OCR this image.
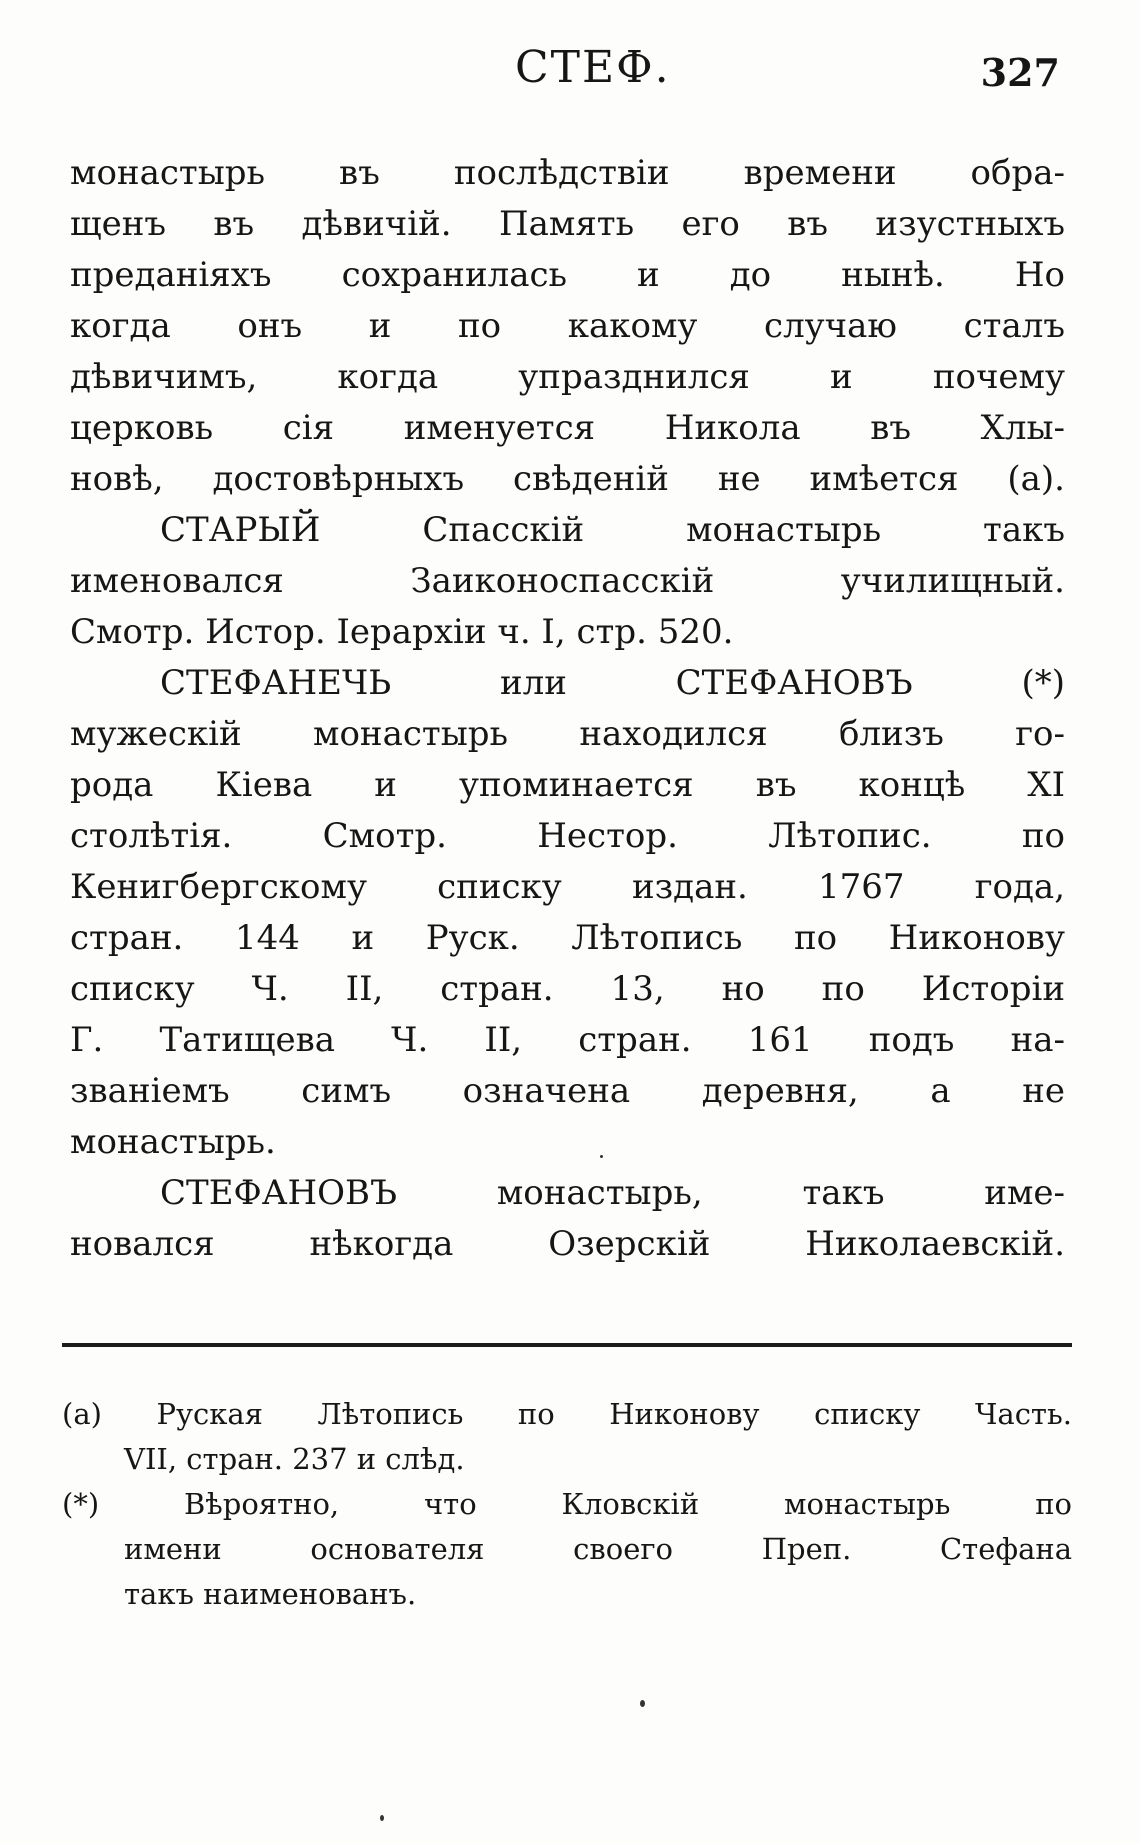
СТЕФ.	327
монастырь въ послѣдствіи времени обра-
щенъ въ дѣвичій. Память его въ изустныхъ
преданіяхъ сохранилась и до нынѣ. Но
когда онъ и по какому случаю сталъ
дѣвичимъ, когда упразднился и почему
церковь сія именуется Никола въ Хлы-
новѣ, достовѣрныхъ свѣденій не имѣется (а).
СТАРЫЙ Спасскій монастырь такъ
именовался Заиконоспасскій училищный.
Смотр. Истор. Іерархіи ч. I, стр. 520.
СТЕФАНЕЧЬ или СТЕФАНОВЪ (*)
мужескій монастырь находился близъ го-
рода Кіева и упоминается въ концѣ XI
столѣтія. Смотр. Нестор. Лѣтопис. по
Кенигбергскому списку издан. 1767 года,
стран. 144 и Руск. Лѣтопись по Никонову
списку Ч. II, стран. 13, но по Исторіи
Г. Татищева Ч. II, стран. 161 подъ на-
званіемъ симъ означена деревня, а не
монастырь.
СТЕФАНОВЪ монастырь, такъ име-
новался нѣкогда Озерскій Николаевскій.
(а) Руская Лѣтопись по Никонову списку Часть.
VII, стран. 237 и слѣд.
(*) Вѣроятно, что Кловскій монастырь по
имени основателя своего Преп. Стефана
такъ наименованъ.
